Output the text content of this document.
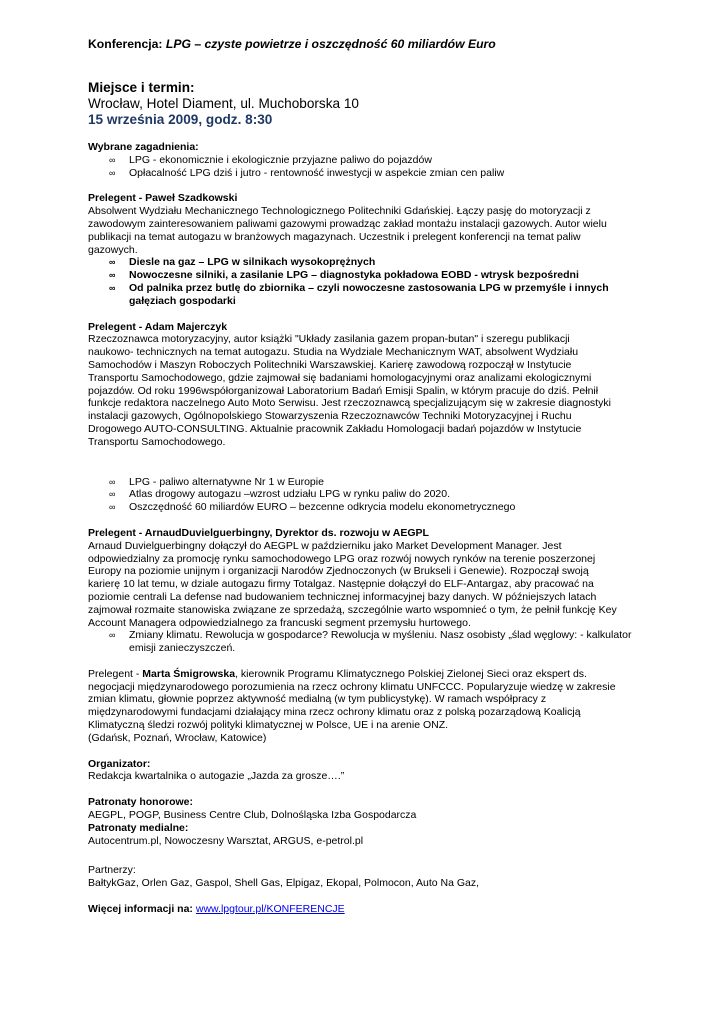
Konferencja: LPG – czyste powietrze i oszczędność 60 miliardów Euro

Miejsce i termin:

Wrocław, Hotel Diament, ul. Muchoborska 10

15 września 2009, godz. 8:30

Wybrane zagadnienia:

∞ LPG - ekonomicznie i ekologicznie przyjazne paliwo do pojazdów
∞ Opłacalność LPG dziś i jutro - rentowność inwestycji w aspekcie zmian cen paliw

Prelegent - Paweł Szadkowski

Absolwent Wydziału Mechanicznego Technologicznego Politechniki Gdańskiej. Łączy pasję do motoryzacji z

zawodowym zainteresowaniem paliwami gazowymi prowadząc zakład montażu instalacji gazowych. Autor wielu

publikacji na temat autogazu w branżowych magazynach. Uczestnik i prelegent konferencji na temat paliw

gazowych.

∞ Diesle na gaz – LPG w silnikach wysokoprężnych
∞ Nowoczesne silniki, a zasilanie LPG – diagnostyka pokładowa EOBD - wtrysk bezpośredni
∞ Od palnika przez butlę do zbiornika – czyli nowoczesne zastosowania LPG w przemyśle i innych gałęziach gospodarki

Prelegent - Adam Majerczyk

Rzeczoznawca motoryzacyjny, autor książki "Układy zasilania gazem propan-butan" i szeregu publikacji

naukowo- technicznych na temat autogazu. Studia na Wydziale Mechanicznym WAT, absolwent Wydziału

Samochodów i Maszyn Roboczych Politechniki Warszawskiej. Karierę zawodową rozpoczął w Instytucie

Transportu Samochodowego, gdzie zajmował się badaniami homologacyjnymi oraz analizami ekologicznymi

pojazdów. Od roku 1996współorganizował Laboratorium Badań Emisji Spalin, w którym pracuje do dziś. Pełnił

funkcje redaktora naczelnego Auto Moto Serwisu. Jest rzeczoznawcą specjalizującym się w zakresie diagnostyki

instalacji gazowych, Ogólnopolskiego Stowarzyszenia Rzeczoznawców Techniki Motoryzacyjnej i Ruchu

Drogowego AUTO-CONSULTING. Aktualnie pracownik Zakładu Homologacji badań pojazdów w Instytucie

Transportu Samochodowego.

∞ LPG - paliwo alternatywne Nr 1 w Europie
∞ Atlas drogowy autogazu –wzrost udziału LPG w rynku paliw do 2020.
∞ Oszczędność 60 miliardów EURO – bezcenne odkrycia modelu ekonometrycznego

Prelegent - ArnaudDuvielguerbingny, Dyrektor ds. rozwoju w AEGPL

Arnaud Duvielguerbingny dołączył do AEGPL w październiku jako Market Development Manager. Jest

odpowiedzialny za promocję rynku samochodowego LPG oraz rozwój nowych rynków na terenie poszerzonej

Europy na poziomie unijnym i organizacji Narodów Zjednoczonych (w Brukseli i Genewie). Rozpoczął swoją

karierę 10 lat temu, w dziale autogazu firmy Totalgaz. Następnie dołączył do ELF-Antargaz, aby pracować na

poziomie centrali La defense nad budowaniem technicznej informacyjnej bazy danych. W późniejszych latach

zajmował rozmaite stanowiska związane ze sprzedażą, szczególnie warto wspomnieć o tym, że pełnił funkcję Key

Account Managera odpowiedzialnego za francuski segment przemysłu hurtowego.

∞ Zmiany klimatu. Rewolucja w gospodarce? Rewolucja w myśleniu. Nasz osobisty „ślad węglowy: - kalkulator emisji zanieczyszczeń.

Prelegent - Marta Śmigrowska, kierownik Programu Klimatycznego Polskiej Zielonej Sieci oraz ekspert ds.

negocjacji międzynarodowego porozumienia na rzecz ochrony klimatu UNFCCC. Popularyzuje wiedzę w zakresie

zmian klimatu, głownie poprzez aktywność medialną (w tym publicystykę). W ramach współpracy z

międzynarodowymi fundacjami działający mina rzecz ochrony klimatu oraz z polską pozarządową Koalicją

Klimatyczną śledzi rozwój polityki klimatycznej w Polsce, UE i na arenie ONZ.

(Gdańsk, Poznań, Wrocław, Katowice)

Organizator:

Redakcja kwartalnika o autogazie „Jazda za grosze….”

Patronaty honorowe:

AEGPL, POGP, Business Centre Club, Dolnośląska Izba Gospodarcza

Patronaty medialne:

Autocentrum.pl, Nowoczesny Warsztat, ARGUS, e-petrol.pl

Partnerzy:

BałtykGaz, Orlen Gaz, Gaspol, Shell Gas, Elpigaz, Ekopal, Polmocon, Auto Na Gaz,

Więcej informacji na: www.lpgtour.pl/KONFERENCJE
